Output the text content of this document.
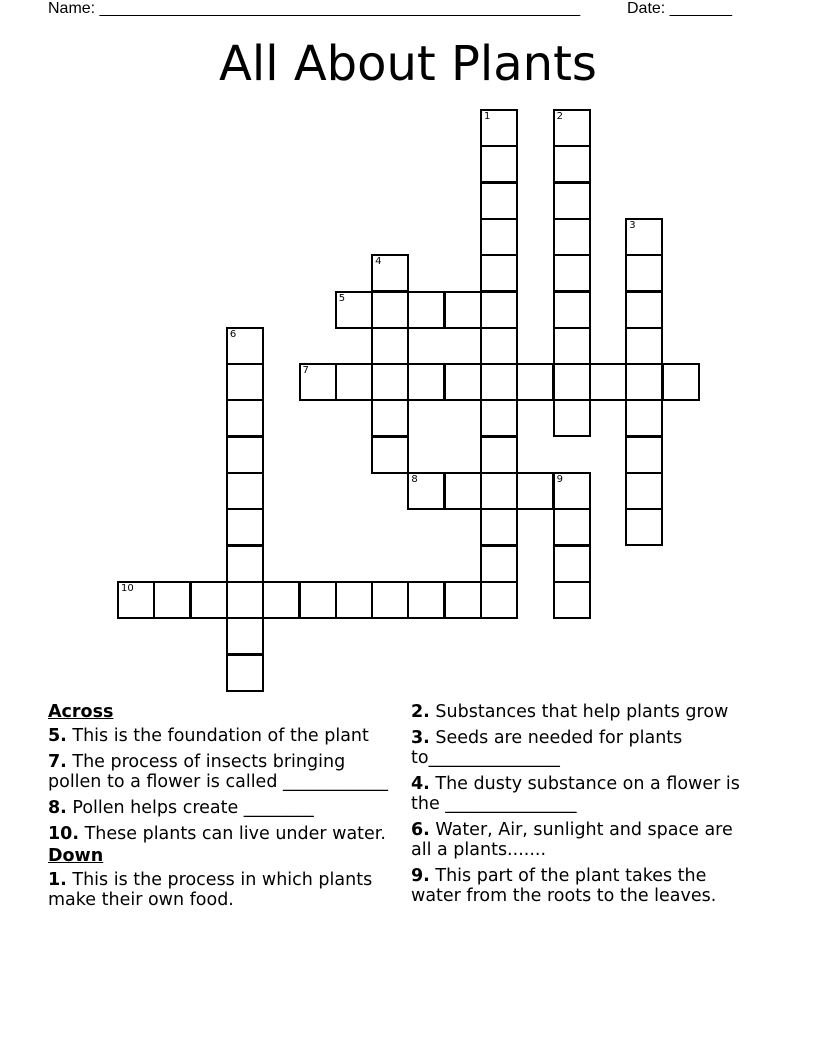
Name: ______________________________________________________	Date: _______
All About Plants
1	2
3
4
5
6
7
8	9
10
Across
5. This is the foundation of the plant
7. The process of insects bringing pollen to a flower is called ____________
8. Pollen helps create ________
10. These plants can live under water.
Down
1. This is the process in which plants make their own food.
2. Substances that help plants grow
3. Seeds are needed for plants to_______________
4. The dusty substance on a flower is the _______________
6. Water, Air, sunlight and space are all a plants.......
9. This part of the plant takes the water from the roots to the leaves.
